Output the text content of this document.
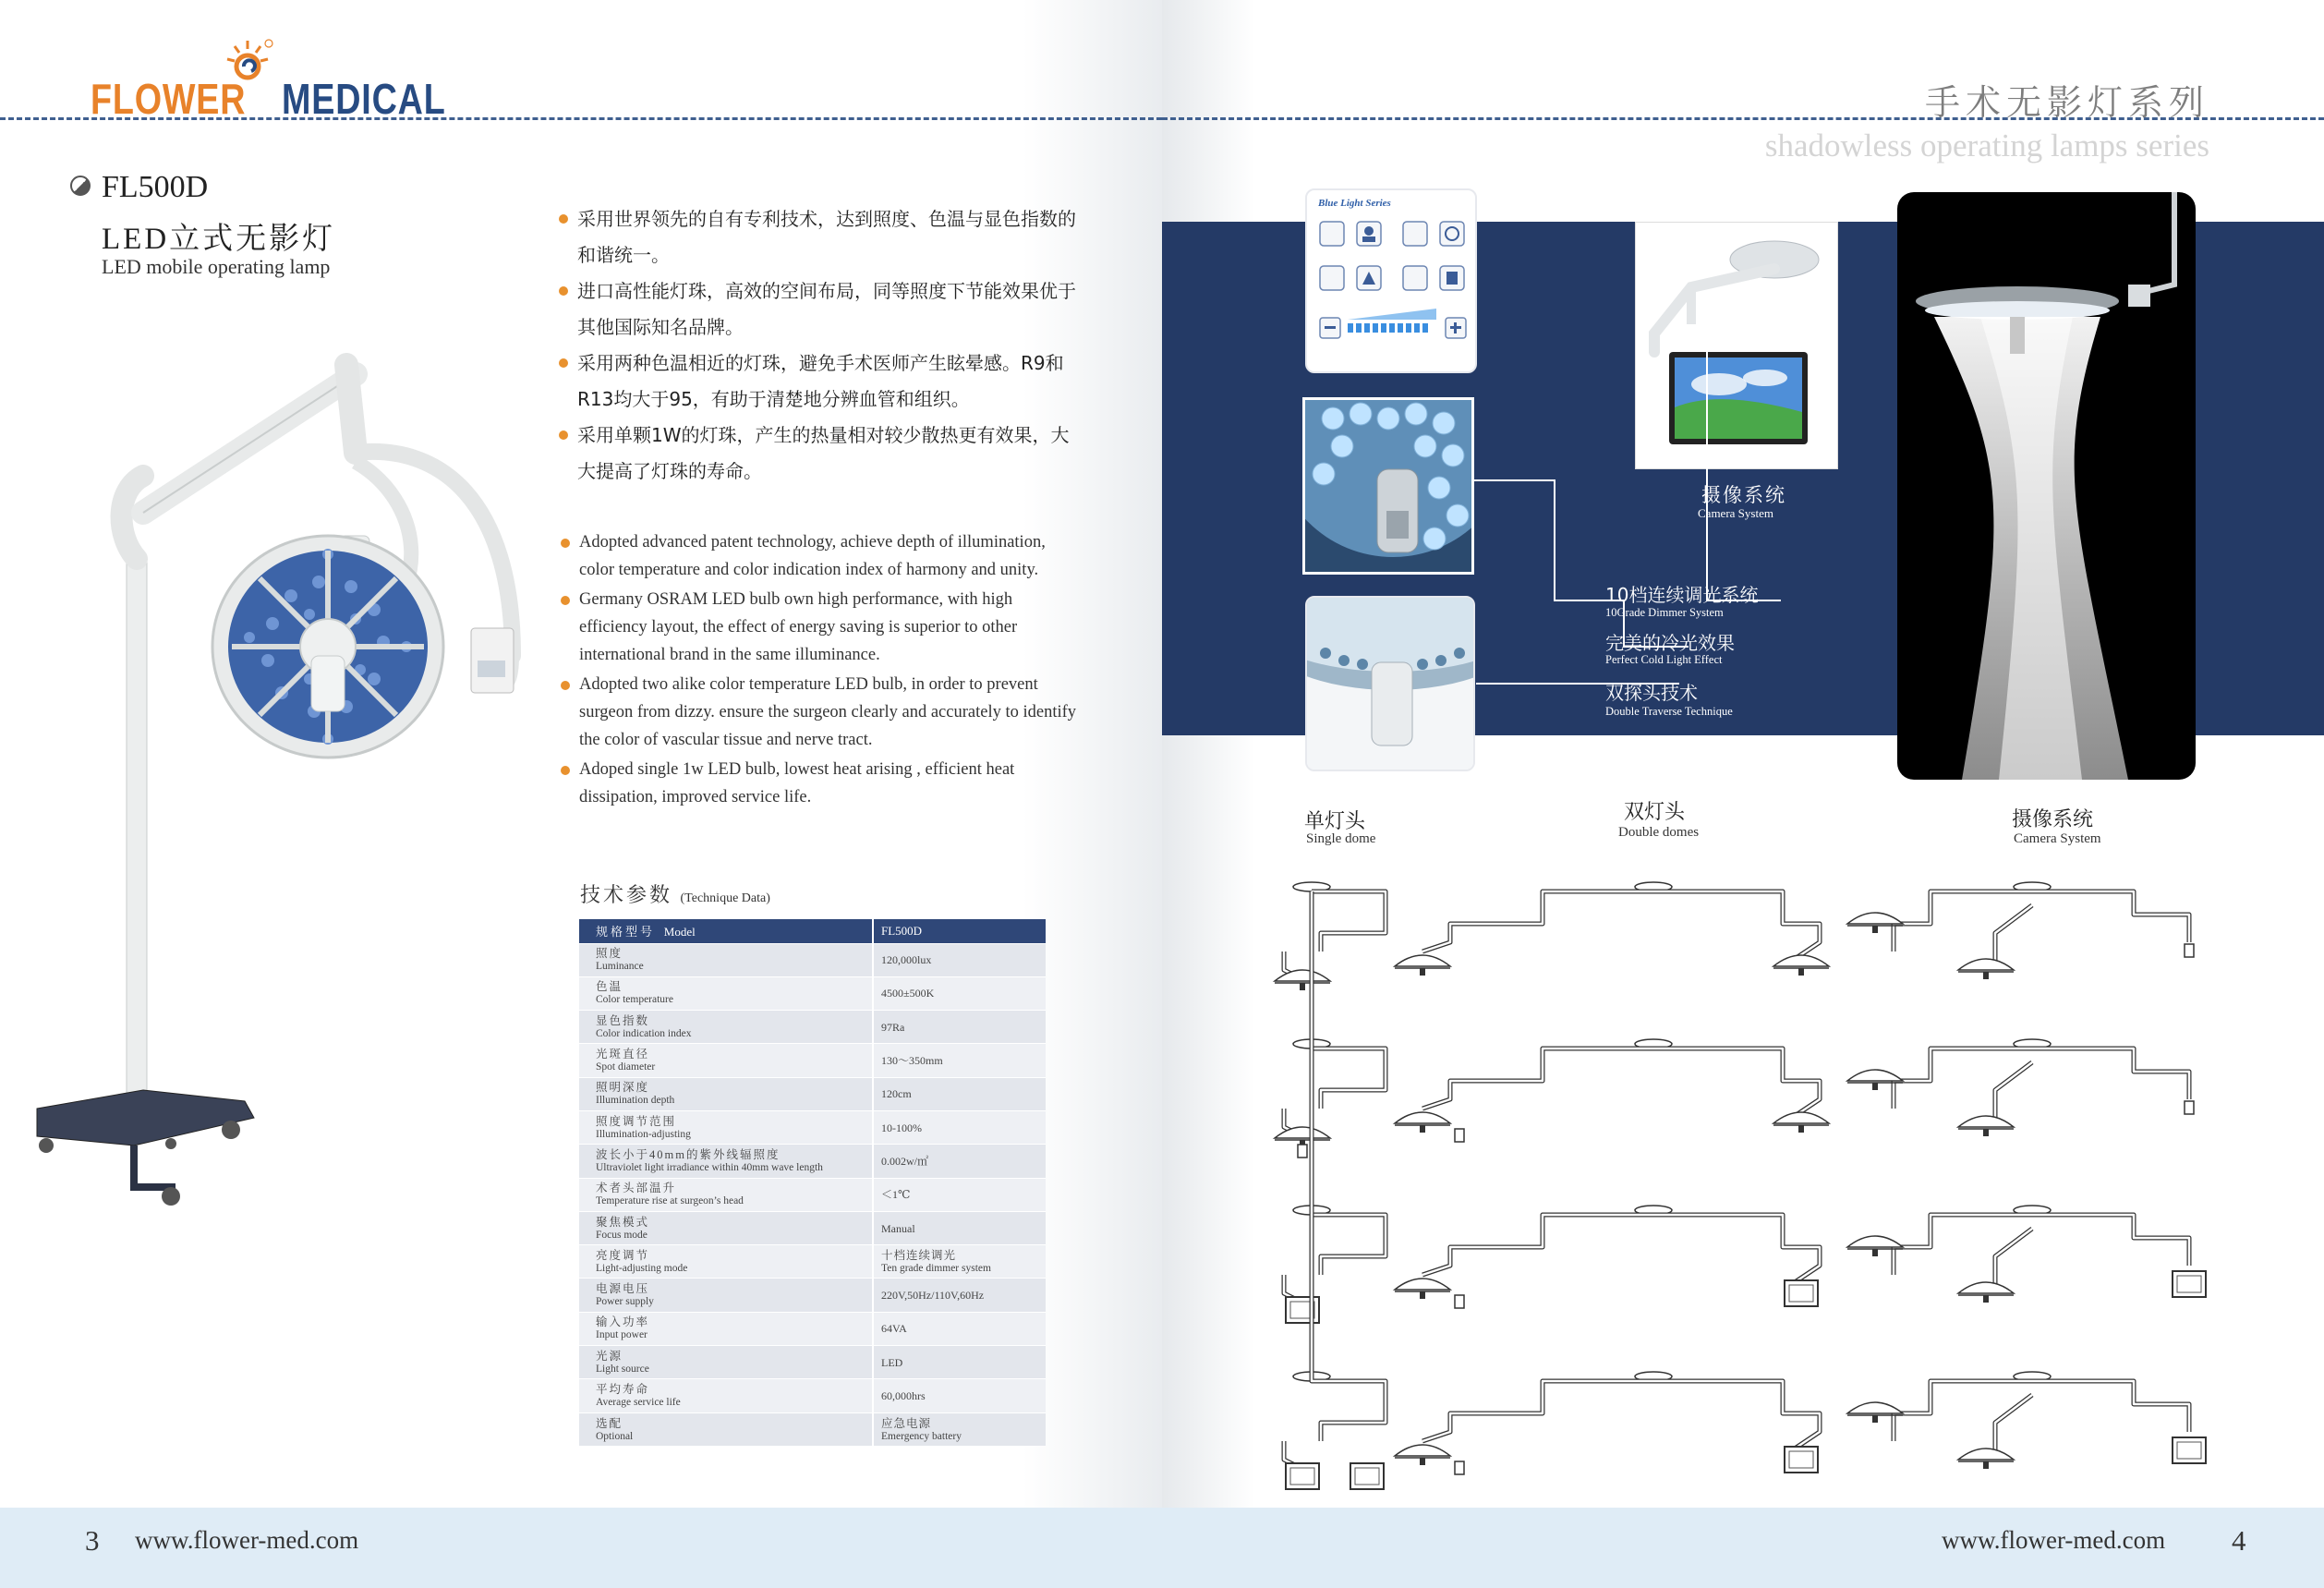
FLOWER MEDICAL	手术无影灯系列
shadowless operating lamps series
FL500D
LED立式无影灯
LED mobile operating lamp
采用世界领先的自有专利技术，达到照度、色温与显色指数的和谐统一。
进口高性能灯珠，高效的空间布局，同等照度下节能效果优于其他国际知名品牌。
采用两种色温相近的灯珠，避免手术医师产生眩晕感。R9和R13均大于95，有助于清楚地分辨血管和组织。
采用单颗1W的灯珠，产生的热量相对较少散热更有效果，大大提高了灯珠的寿命。
Adopted advanced patent technology, achieve depth of illumination, color temperature and color indication index of harmony and unity.
Germany OSRAM LED bulb own high performance, with high efficiency layout, the effect of energy saving is superior to other international brand in the same illuminance.
Adopted two alike color temperature LED bulb, in order to prevent surgeon from dizzy. ensure the surgeon clearly and accurately to identify the color of vascular tissue and nerve tract.
Adoped single 1w LED bulb, lowest heat arising , efficient heat dissipation, improved service life.
技术参数 (Technique Data)
规格型号 Model	FL500D

照度
Luminance	120,000lux

色温
Color temperature	4500±500K

显色指数
Color indication index	97Ra

光斑直径
Spot diameter	130～350mm

照明深度
Illumination depth	120cm

照度调节范围
Illumination-adjusting	10-100%

波长小于40mm的紫外线辐照度
Ultraviolet light irradiance within 40mm wave length	0.002w/㎡

术者头部温升
Temperature rise at surgeon’s head	＜1℃

聚焦模式
Focus mode	Manual

亮度调节
Light-adjusting mode	十档连续调光
Ten grade dimmer system

电源电压
Power supply	220V,50Hz/110V,60Hz

输入功率
Input power	64VA

光源
Light source	LED

平均寿命
Average service life	60,000hrs

选配
Optional	应急电源
Emergency battery
3 www.flower-med.com	www.flower-med.com 4
Blue Light Series
摄像系统
Camera System
10档连续调光系统
10Grade Dimmer System
完美的冷光效果
Perfect Cold Light Effect
双探头技术
Double Traverse Technique
单灯头
Single dome
双灯头
Double domes
摄像系统
Camera System
